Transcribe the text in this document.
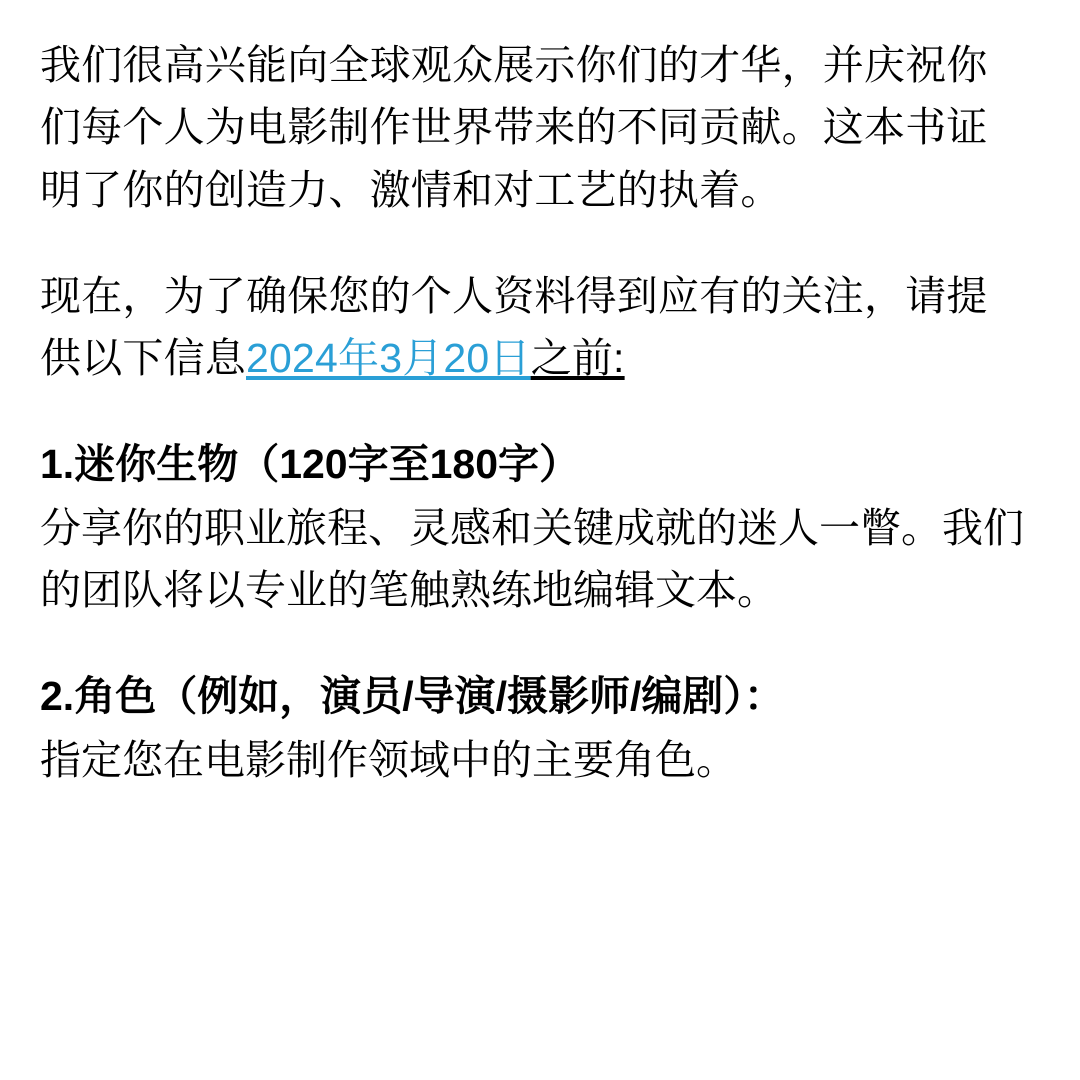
我们很高兴能向全球观众展示你们的才华，并庆祝你们每个人为电影制作世界带来的不同贡献。这本书证明了你的创造力、激情和对工艺的执着。

现在，为了确保您的个人资料得到应有的关注，请提供以下信息2024年3月20日之前:

1.迷你生物（120字至180字）

分享你的职业旅程、灵感和关键成就的迷人一瞥。我们的团队将以专业的笔触熟练地编辑文本。

2.角色（例如，演员/导演/摄影师/编剧）：

指定您在电影制作领域中的主要角色。
